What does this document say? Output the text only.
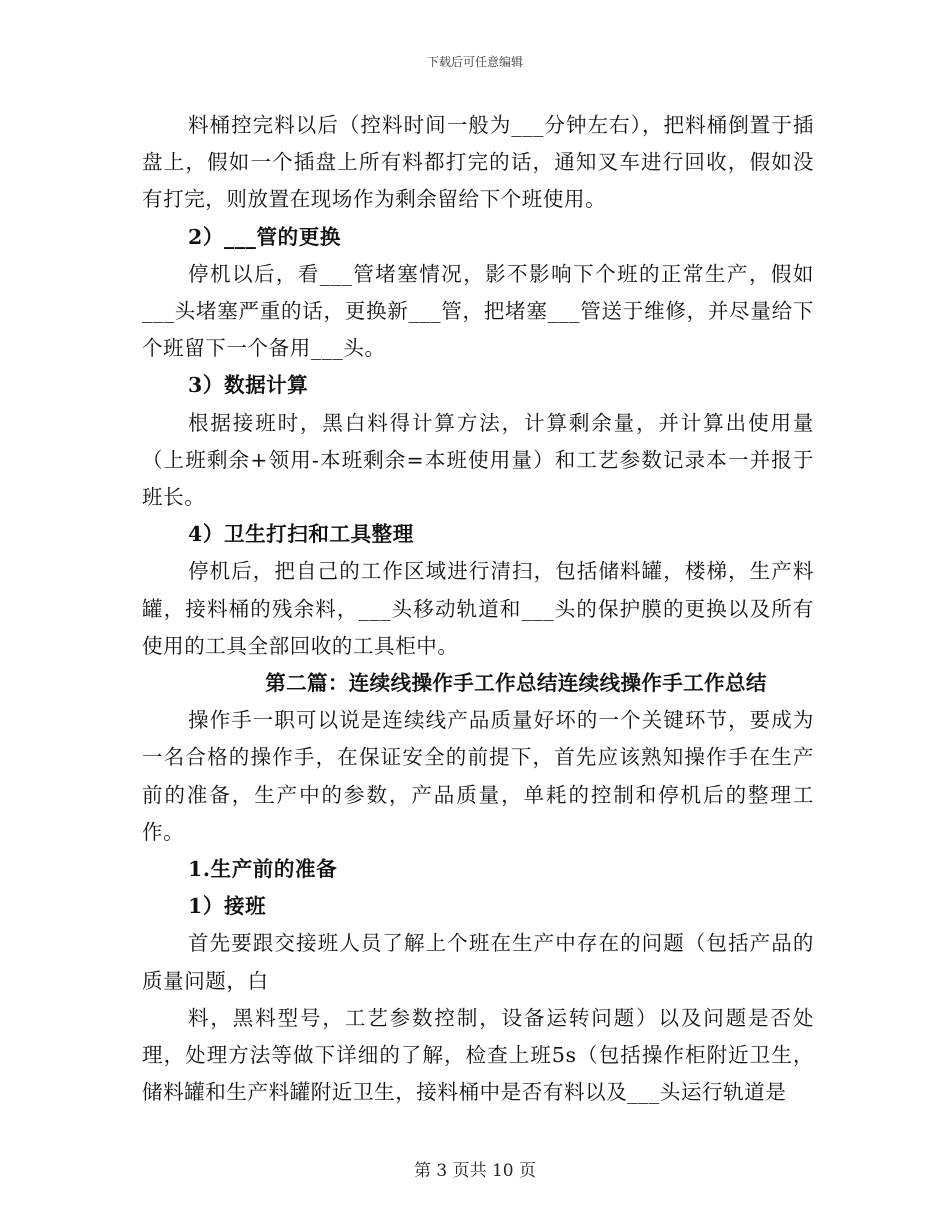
下载后可任意编辑

料桶控完料以后（控料时间一般为___分钟左右），把料桶倒置于插盘上，假如一个插盘上所有料都打完的话，通知叉车进行回收，假如没有打完，则放置在现场作为剩余留给下个班使用。

2）___管的更换

停机以后，看___管堵塞情况，影不影响下个班的正常生产，假如___头堵塞严重的话，更换新___管，把堵塞___管送于维修，并尽量给下个班留下一个备用___头。

3）数据计算

根据接班时，黑白料得计算方法，计算剩余量，并计算出使用量（上班剩余+领用-本班剩余=本班使用量）和工艺参数记录本一并报于班长。

4）卫生打扫和工具整理

停机后，把自己的工作区域进行清扫，包括储料罐，楼梯，生产料罐，接料桶的残余料，___头移动轨道和___头的保护膜的更换以及所有使用的工具全部回收的工具柜中。

第二篇：连续线操作手工作总结连续线操作手工作总结

操作手一职可以说是连续线产品质量好坏的一个关键环节，要成为一名合格的操作手，在保证安全的前提下，首先应该熟知操作手在生产前的准备，生产中的参数，产品质量，单耗的控制和停机后的整理工作。

1.生产前的准备

1）接班

首先要跟交接班人员了解上个班在生产中存在的问题（包括产品的质量问题，白

料，黑料型号，工艺参数控制，设备运转问题）以及问题是否处理，处理方法等做下详细的了解，检查上班5s（包括操作柜附近卫生，储料罐和生产料罐附近卫生，接料桶中是否有料以及___头运行轨道是

第 3 页共 10 页
